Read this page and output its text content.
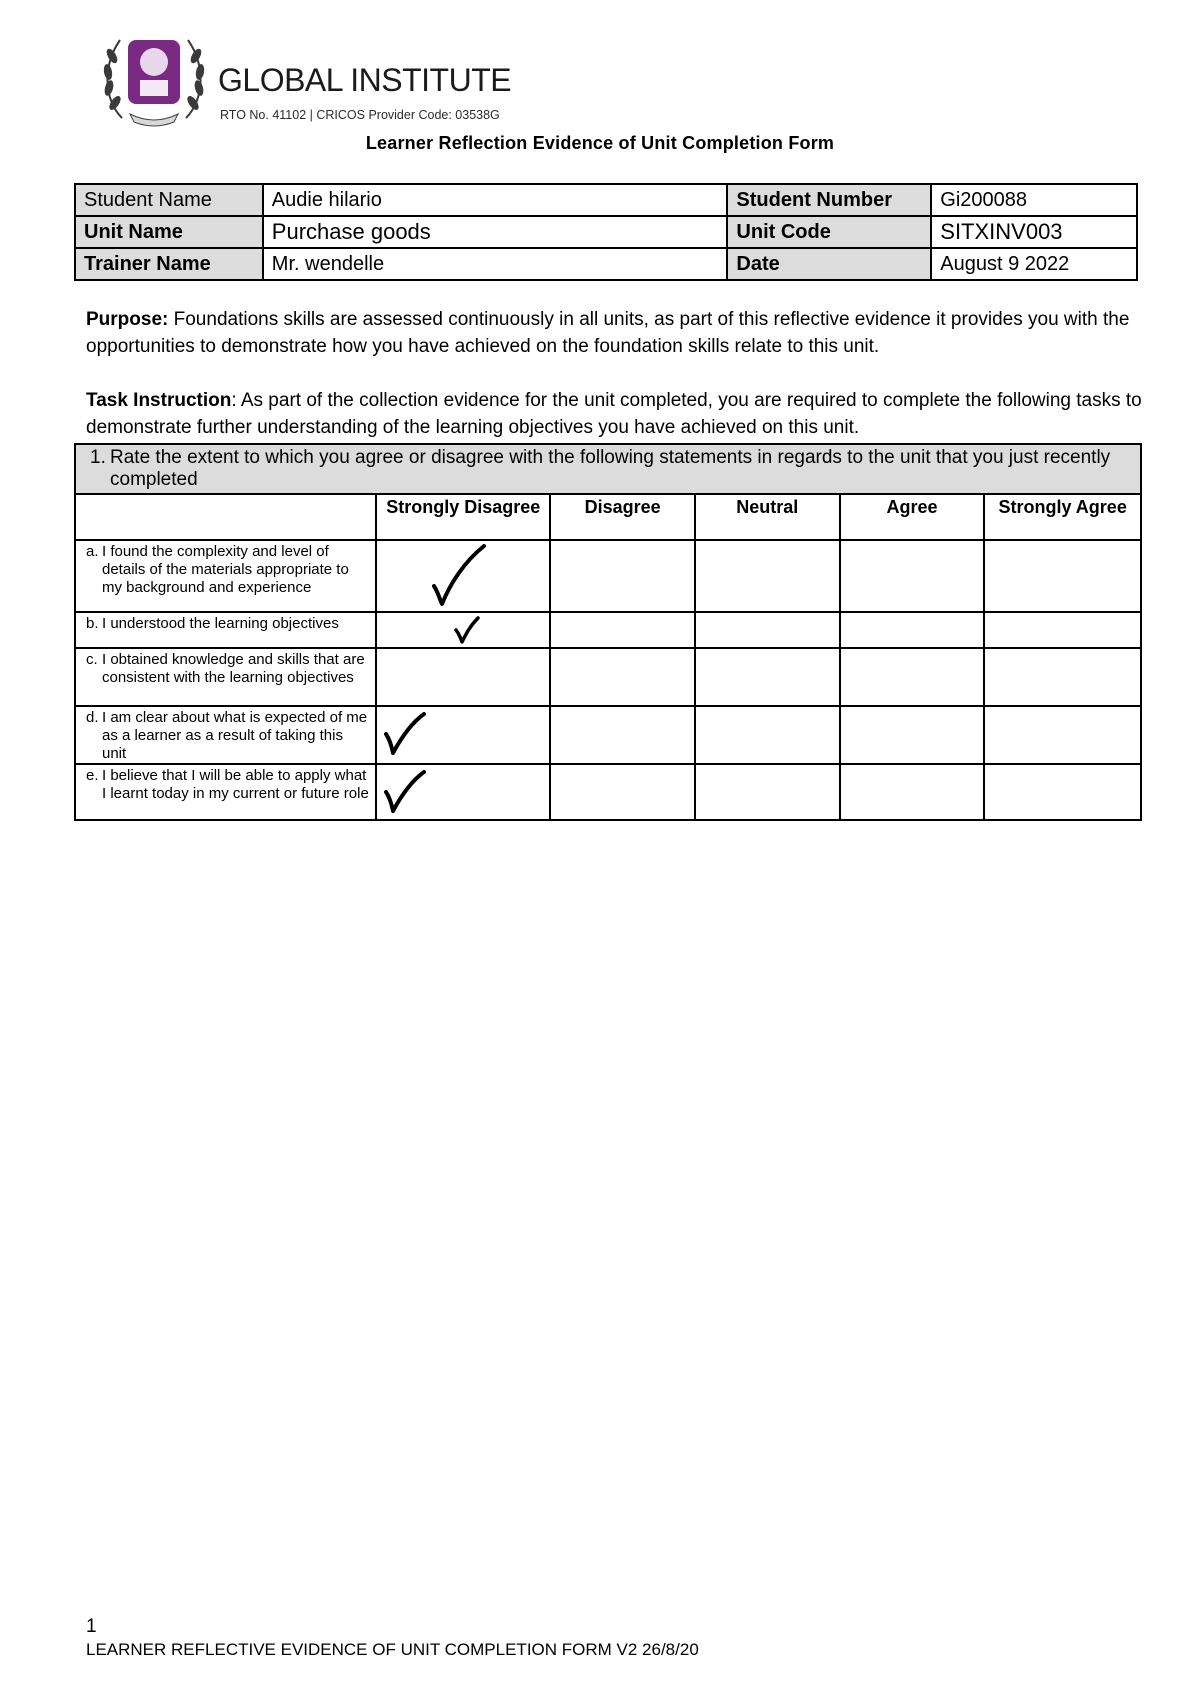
GLOBAL INSTITUTE
RTO No. 41102 | CRICOS Provider Code: 03538G
Learner Reflection Evidence of Unit Completion Form
Student Name	Audie hilario	Student Number	Gi200088
Unit Name	Purchase goods	Unit Code	SITXINV003
Trainer Name	Mr. wendelle	Date	August 9 2022
Purpose: Foundations skills are assessed continuously in all units, as part of this reflective evidence it provides you with the opportunities to demonstrate how you have achieved on the foundation skills relate to this unit.
Task Instruction: As part of the collection evidence for the unit completed, you are required to complete the following tasks to demonstrate further understanding of the learning objectives you have achieved on this unit.
1. Rate the extent to which you agree or disagree with the following statements in regards to the unit that you just recently completed					
	Strongly Disagree	Disagree	Neutral	Agree	Strongly Agree

a. I found the complexity and level of details of the materials appropriate to my background and experience	

b. I understood the learning objectives	

c. I obtained knowledge and skills that are consistent with the learning objectives					

d. I am clear about what is expected of me as a learner as a result of taking this unit	

e. I believe that I will be able to apply what I learnt today in my current or future role	

1
LEARNER REFLECTIVE EVIDENCE OF UNIT COMPLETION FORM V2 26/8/20
